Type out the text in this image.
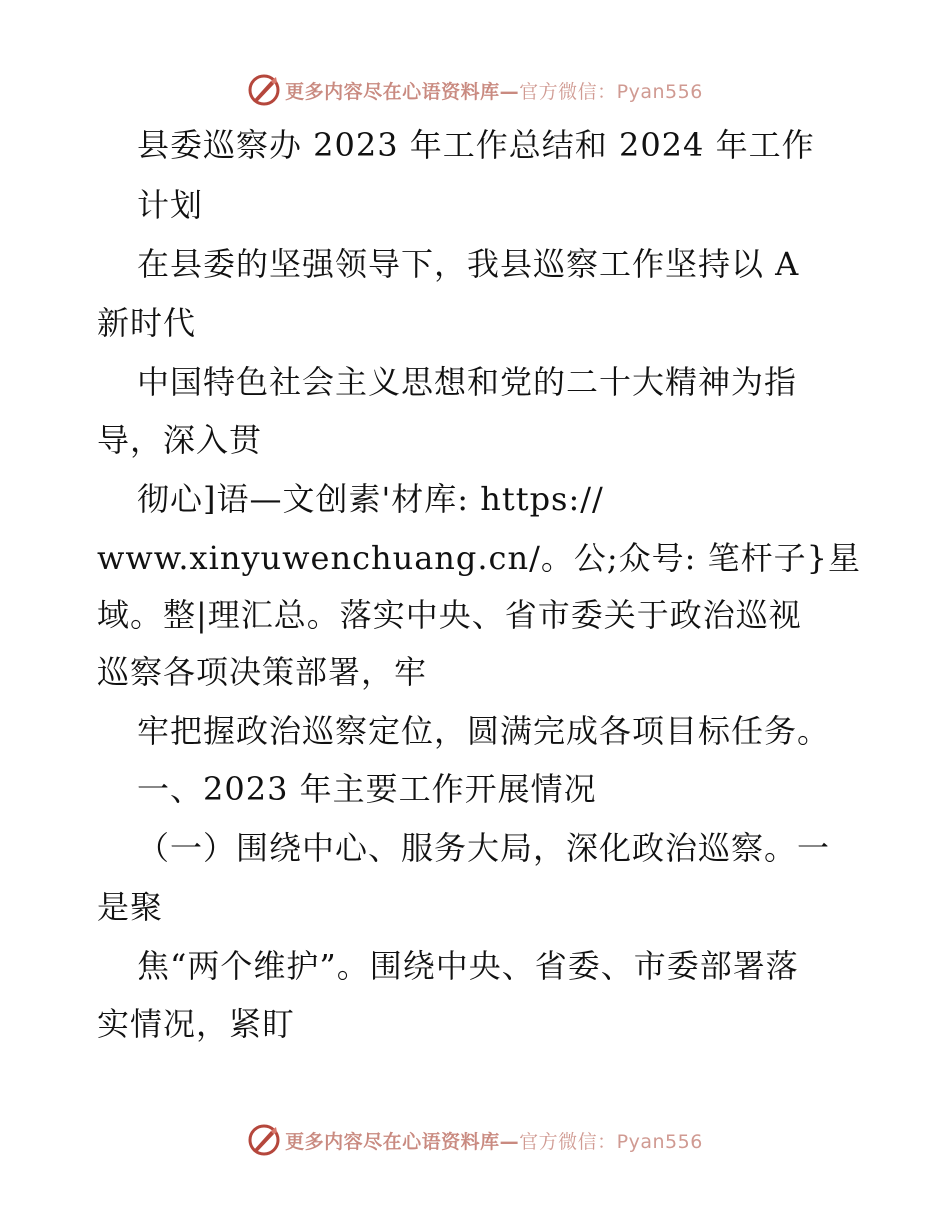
更多内容尽在心语资料库—官方微信：Pyan556
县委巡察办 2023 年工作总结和 2024 年工作
计划
在县委的坚强领导下，我县巡察工作坚持以 A
新时代
中国特色社会主义思想和党的二十大精神为指
导，深入贯
彻心]语—文创素'材库: https://
www.xinyuwenchuang.cn/。公;众号: 笔杆子}星
域。整|理汇总。落实中央、省市委关于政治巡视
巡察各项决策部署，牢
牢把握政治巡察定位，圆满完成各项目标任务。
一、2023 年主要工作开展情况
（一）围绕中心、服务大局，深化政治巡察。一
是聚
焦“两个维护”。围绕中央、省委、市委部署落
实情况，紧盯
更多内容尽在心语资料库—官方微信：Pyan556
